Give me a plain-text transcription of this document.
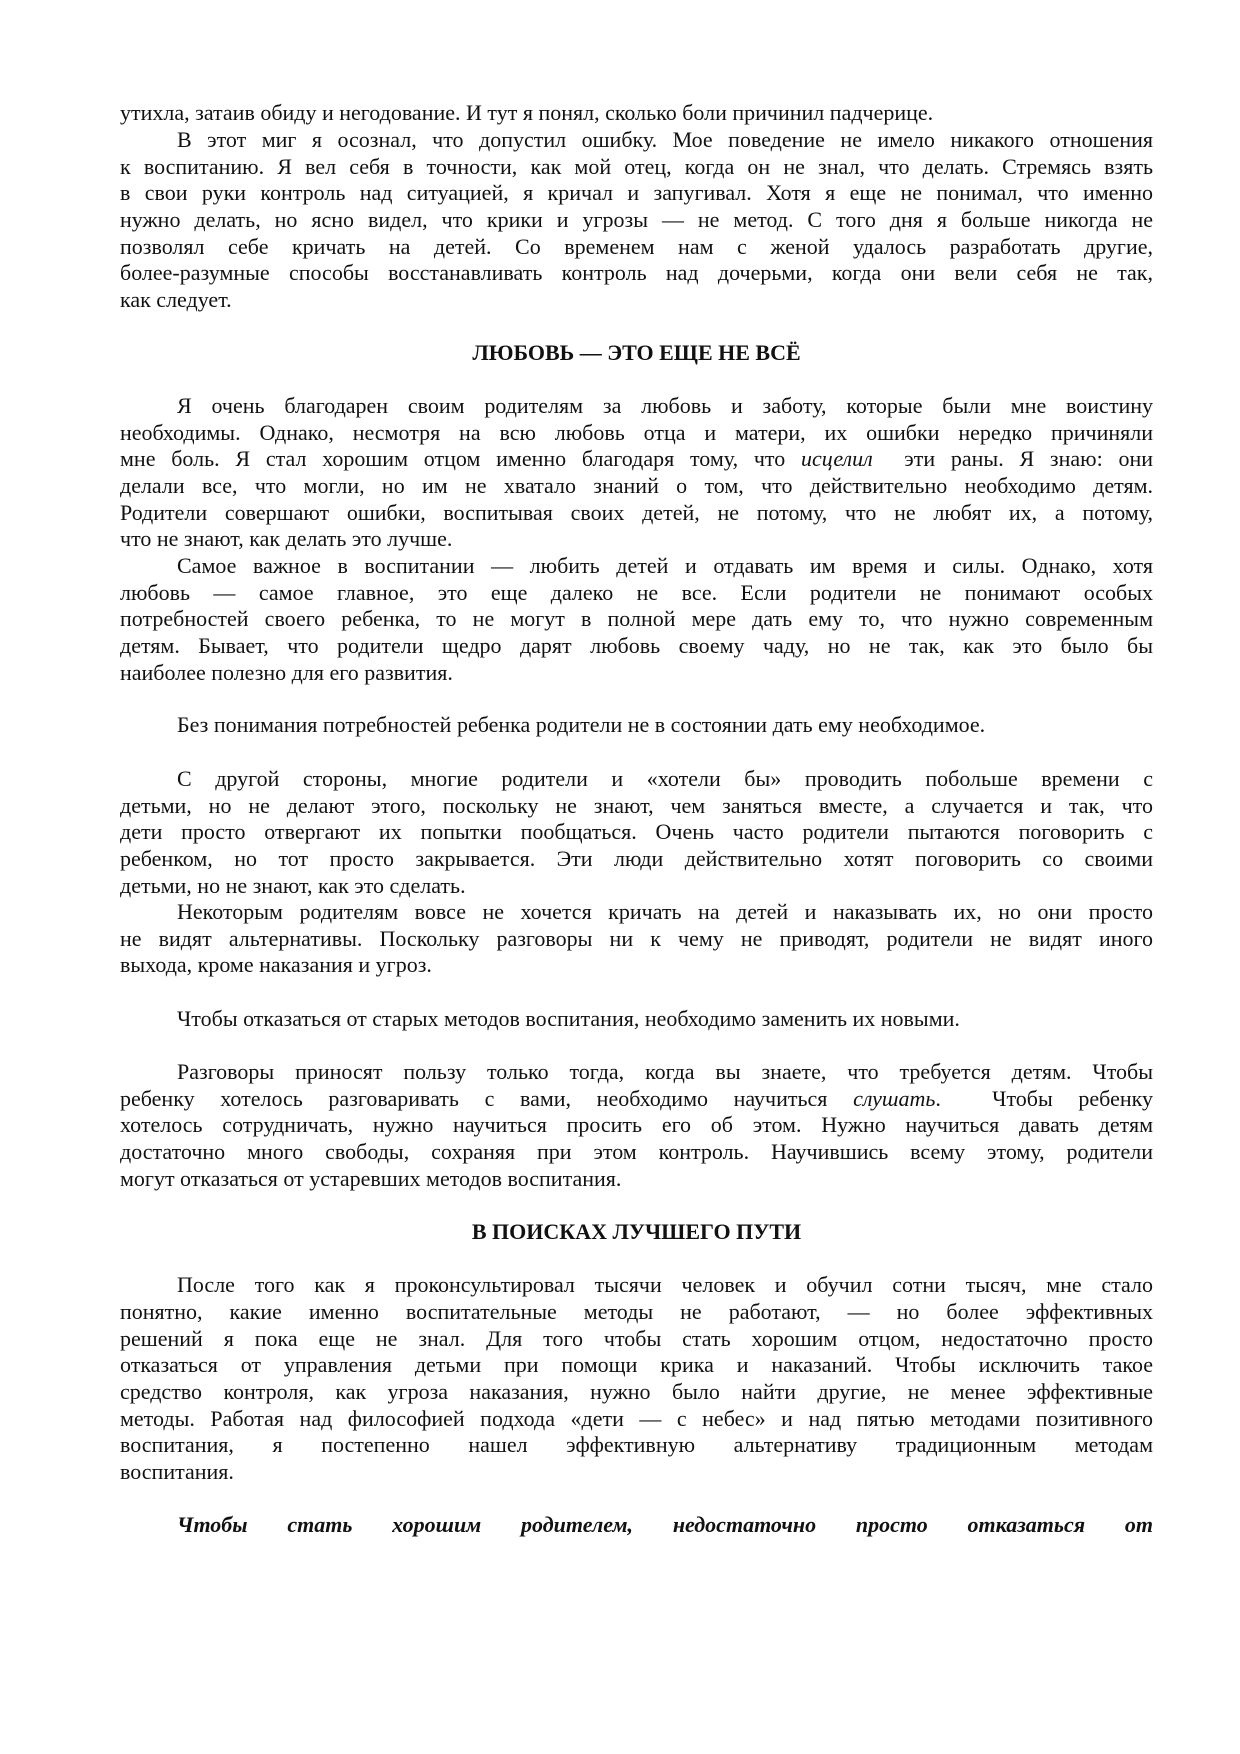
утихла, затаив обиду и негодование. И тут я понял, сколько боли причинил падчерице.
В этот миг я осознал, что допустил ошибку. Мое поведение не имело никакого отношения
к воспитанию. Я вел себя в точности, как мой отец, когда он не знал, что делать. Стремясь взять
в свои руки контроль над ситуацией, я кричал и запугивал. Хотя я еще не понимал, что именно
нужно делать, но ясно видел, что крики и угрозы — не метод. С того дня я больше никогда не
позволял себе кричать на детей. Со временем нам с женой удалось разработать другие,
более-разумные способы восстанавливать контроль над дочерьми, когда они вели себя не так,
как следует.
ЛЮБОВЬ — ЭТО ЕЩЕ НЕ ВСЁ
Я очень благодарен своим родителям за любовь и заботу, которые были мне воистину
необходимы. Однако, несмотря на всю любовь отца и матери, их ошибки нередко причиняли
мне боль. Я стал хорошим отцом именно благодаря тому, что исцелил  эти раны. Я знаю: они
делали все, что могли, но им не хватало знаний о том, что действительно необходимо детям.
Родители совершают ошибки, воспитывая своих детей, не потому, что не любят их, а потому,
что не знают, как делать это лучше.
Самое важное в воспитании — любить детей и отдавать им время и силы. Однако, хотя
любовь — самое главное, это еще далеко не все. Если родители не понимают особых
потребностей своего ребенка, то не могут в полной мере дать ему то, что нужно современным
детям. Бывает, что родители щедро дарят любовь своему чаду, но не так, как это было бы
наиболее полезно для его развития.
Без понимания потребностей ребенка родители не в состоянии дать ему необходимое.
С другой стороны, многие родители и «хотели бы» проводить побольше времени с
детьми, но не делают этого, поскольку не знают, чем заняться вместе, а случается и так, что
дети просто отвергают их попытки пообщаться. Очень часто родители пытаются поговорить с
ребенком, но тот просто закрывается. Эти люди действительно хотят поговорить со своими
детьми, но не знают, как это сделать.
Некоторым родителям вовсе не хочется кричать на детей и наказывать их, но они просто
не видят альтернативы. Поскольку разговоры ни к чему не приводят, родители не видят иного
выхода, кроме наказания и угроз.
Чтобы отказаться от старых методов воспитания, необходимо заменить их новыми.
Разговоры приносят пользу только тогда, когда вы знаете, что требуется детям. Чтобы
ребенку хотелось разговаривать с вами, необходимо научиться слушать.  Чтобы ребенку
хотелось сотрудничать, нужно научиться просить его об этом. Нужно научиться давать детям
достаточно много свободы, сохраняя при этом контроль. Научившись всему этому, родители
могут отказаться от устаревших методов воспитания.
В ПОИСКАХ ЛУЧШЕГО ПУТИ
После того как я проконсультировал тысячи человек и обучил сотни тысяч, мне стало
понятно, какие именно воспитательные методы не работают, — но более эффективных
решений я пока еще не знал. Для того чтобы стать хорошим отцом, недостаточно просто
отказаться от управления детьми при помощи крика и наказаний. Чтобы исключить такое
средство контроля, как угроза наказания, нужно было найти другие, не менее эффективные
методы. Работая над философией подхода «дети — с небес» и над пятью методами позитивного
воспитания, я постепенно нашел эффективную альтернативу традиционным методам
воспитания.
Чтобы стать хорошим родителем, недостаточно просто отказаться от
